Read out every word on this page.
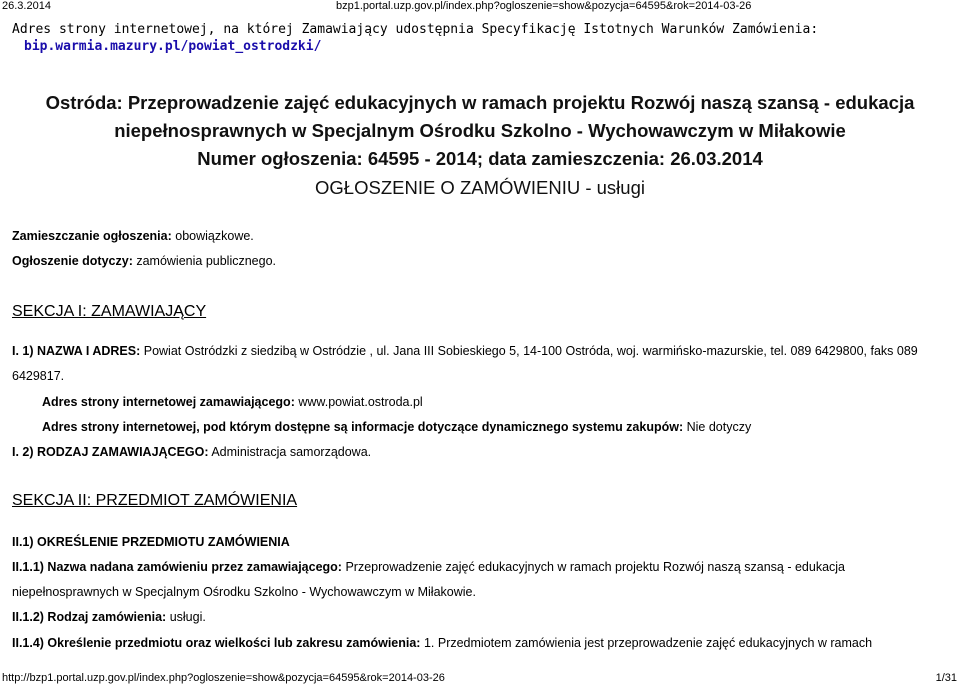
26.3.2014	bzp1.portal.uzp.gov.pl/index.php?ogloszenie=show&pozycja=64595&rok=2014-03-26
Adres strony internetowej, na której Zamawiający udostępnia Specyfikację Istotnych Warunków Zamówienia:
bip.warmia.mazury.pl/powiat_ostrodzki/
Ostróda: Przeprowadzenie zajęć edukacyjnych w ramach projektu Rozwój naszą szansą - edukacja
niepełnosprawnych w Specjalnym Ośrodku Szkolno - Wychowawczym w Miłakowie
Numer ogłoszenia: 64595 - 2014; data zamieszczenia: 26.03.2014
OGŁOSZENIE O ZAMÓWIENIU - usługi
Zamieszczanie ogłoszenia: obowiązkowe.
Ogłoszenie dotyczy: zamówienia publicznego.
SEKCJA I: ZAMAWIAJĄCY
I. 1) NAZWA I ADRES: Powiat Ostródzki z siedzibą w Ostródzie , ul. Jana III Sobieskiego 5, 14-100 Ostróda, woj. warmińsko-mazurskie, tel. 089 6429800, faks 089
6429817.
Adres strony internetowej zamawiającego: www.powiat.ostroda.pl
Adres strony internetowej, pod którym dostępne są informacje dotyczące dynamicznego systemu zakupów: Nie dotyczy
I. 2) RODZAJ ZAMAWIAJĄCEGO: Administracja samorządowa.
SEKCJA II: PRZEDMIOT ZAMÓWIENIA
II.1) OKREŚLENIE PRZEDMIOTU ZAMÓWIENIA
II.1.1) Nazwa nadana zamówieniu przez zamawiającego: Przeprowadzenie zajęć edukacyjnych w ramach projektu Rozwój naszą szansą - edukacja
niepełnosprawnych w Specjalnym Ośrodku Szkolno - Wychowawczym w Miłakowie.
II.1.2) Rodzaj zamówienia: usługi.
II.1.4) Określenie przedmiotu oraz wielkości lub zakresu zamówienia: 1. Przedmiotem zamówienia jest przeprowadzenie zajęć edukacyjnych w ramach
http://bzp1.portal.uzp.gov.pl/index.php?ogloszenie=show&pozycja=64595&rok=2014-03-26	1/31
